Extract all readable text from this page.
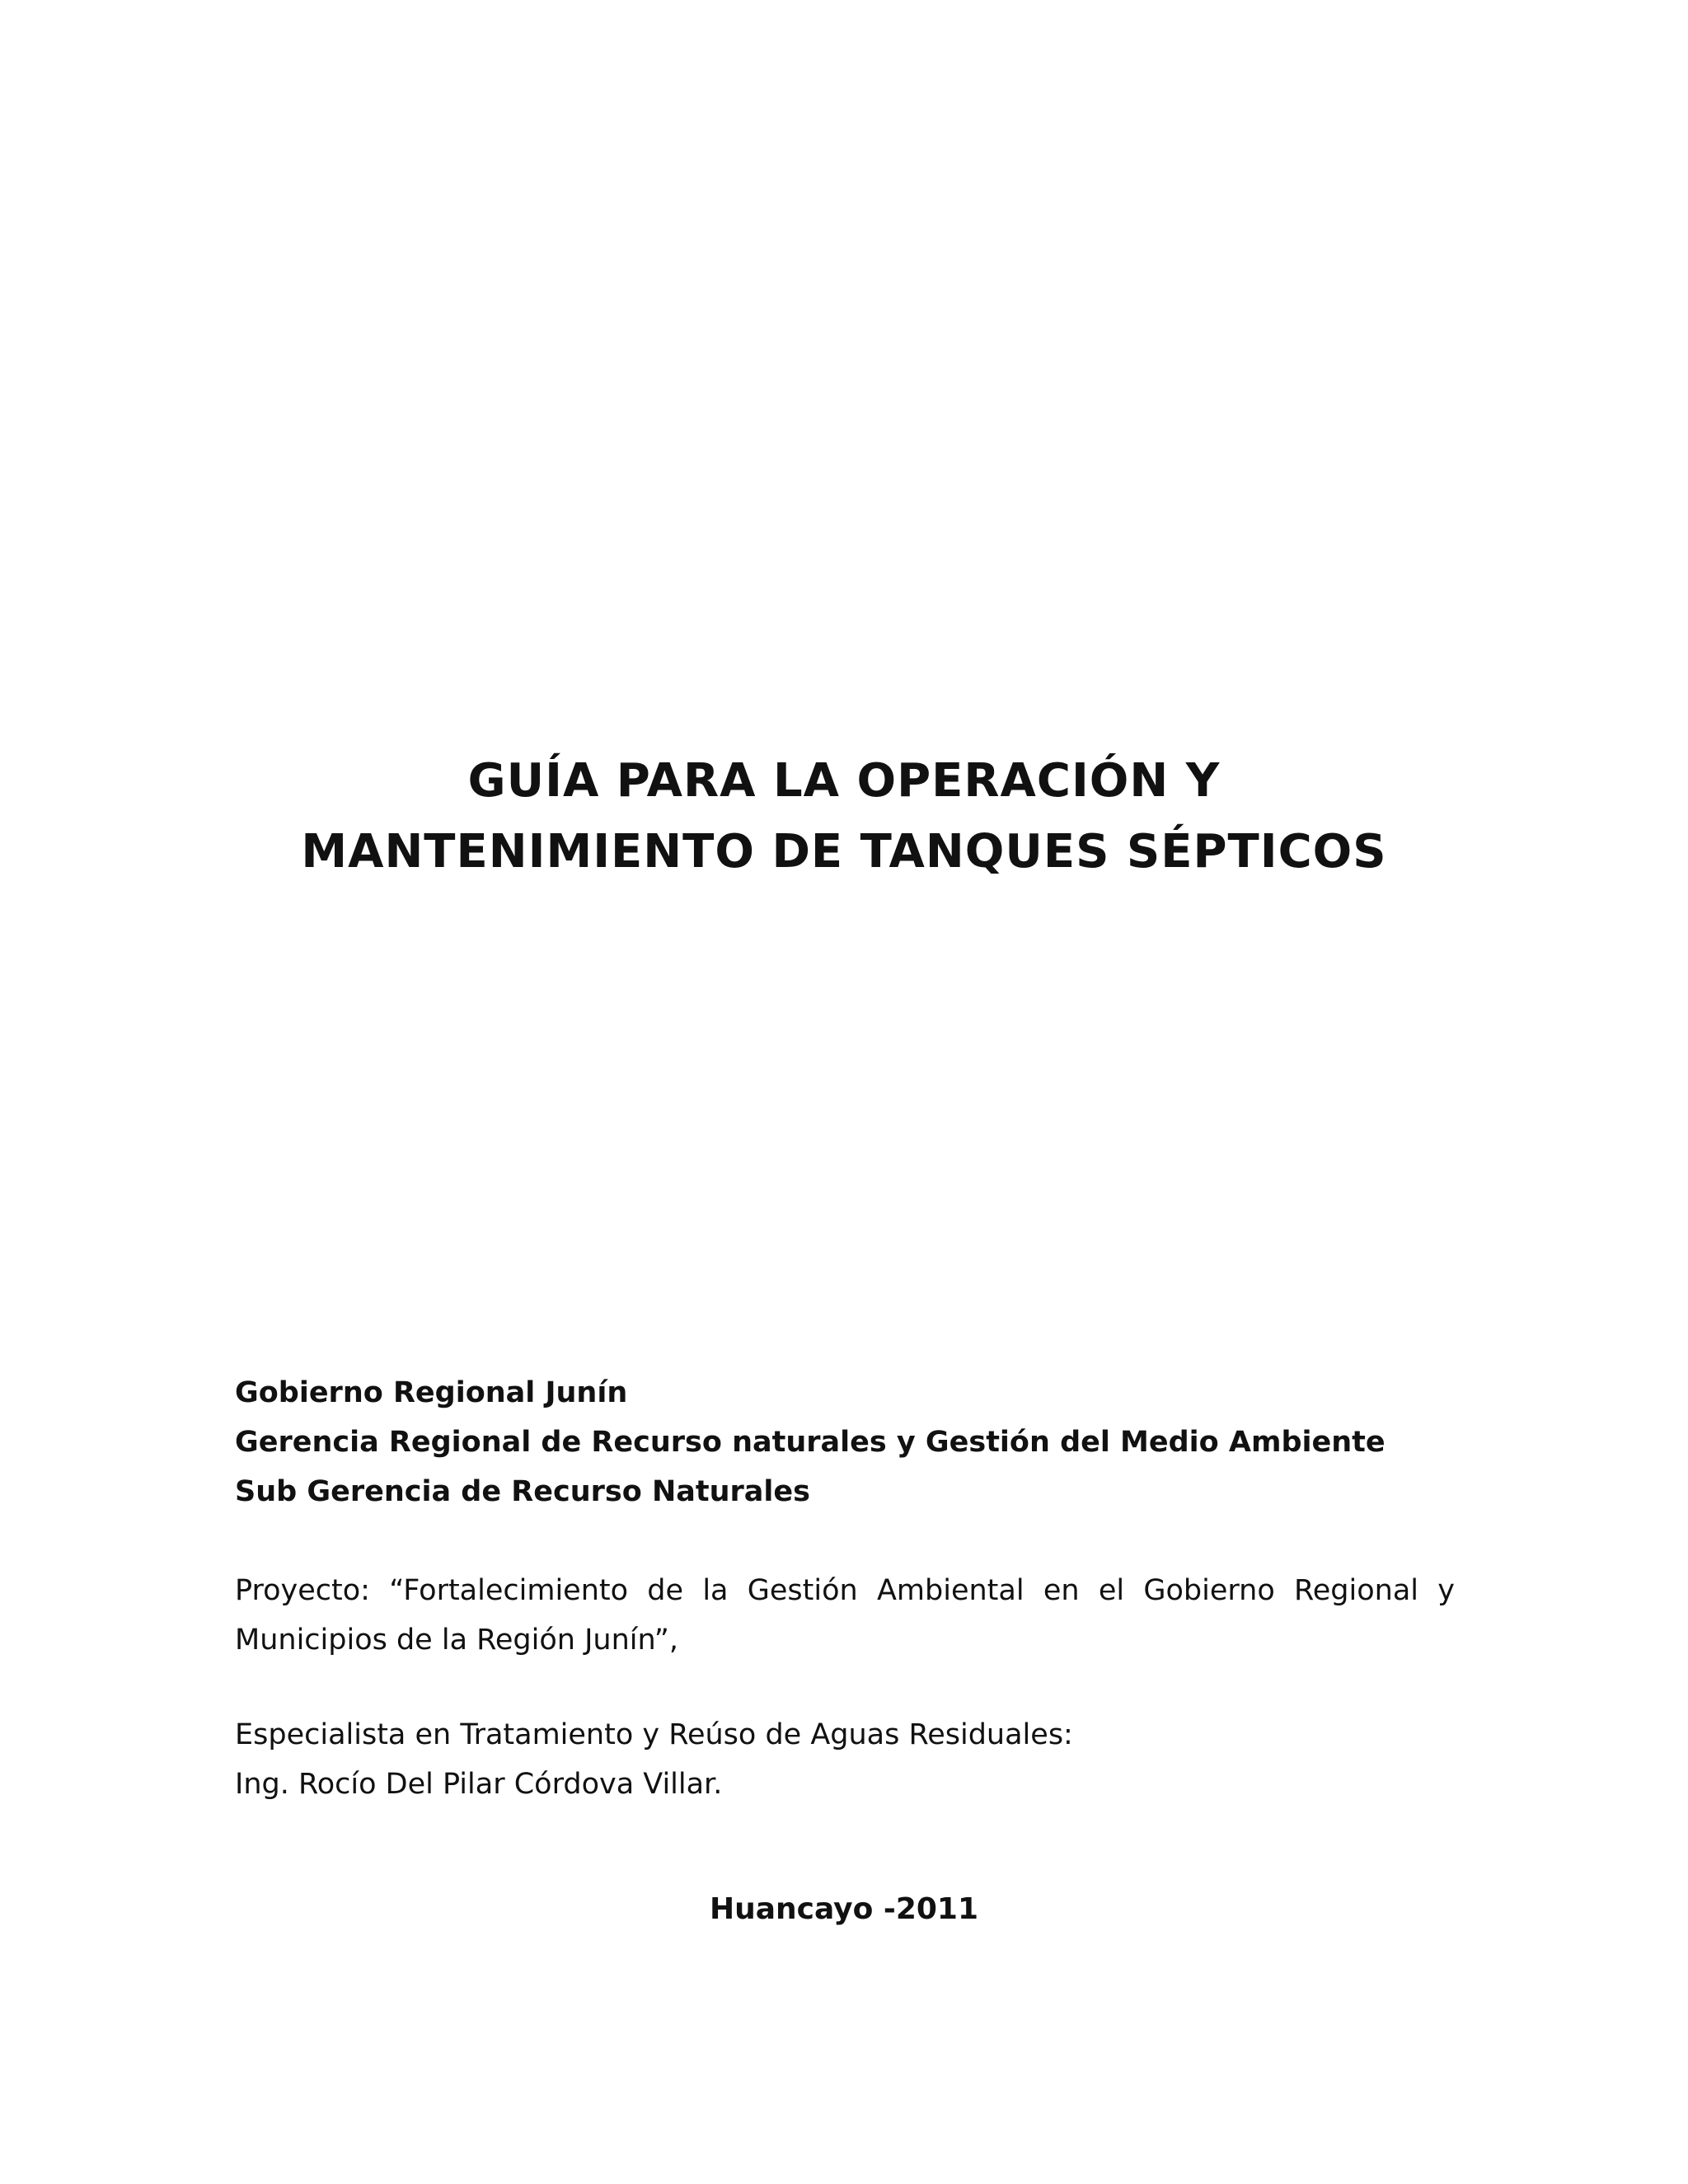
GUÍA PARA LA OPERACIÓN Y
MANTENIMIENTO DE TANQUES SÉPTICOS
Gobierno Regional Junín
Gerencia Regional de Recurso naturales y Gestión del Medio Ambiente
Sub Gerencia de Recurso Naturales

Proyecto: “Fortalecimiento de la Gestión Ambiental en el Gobierno Regional y Municipios de la Región Junín”,

Especialista en Tratamiento y Reúso de Aguas Residuales:
Ing. Rocío Del Pilar Córdova Villar.
Huancayo -2011
